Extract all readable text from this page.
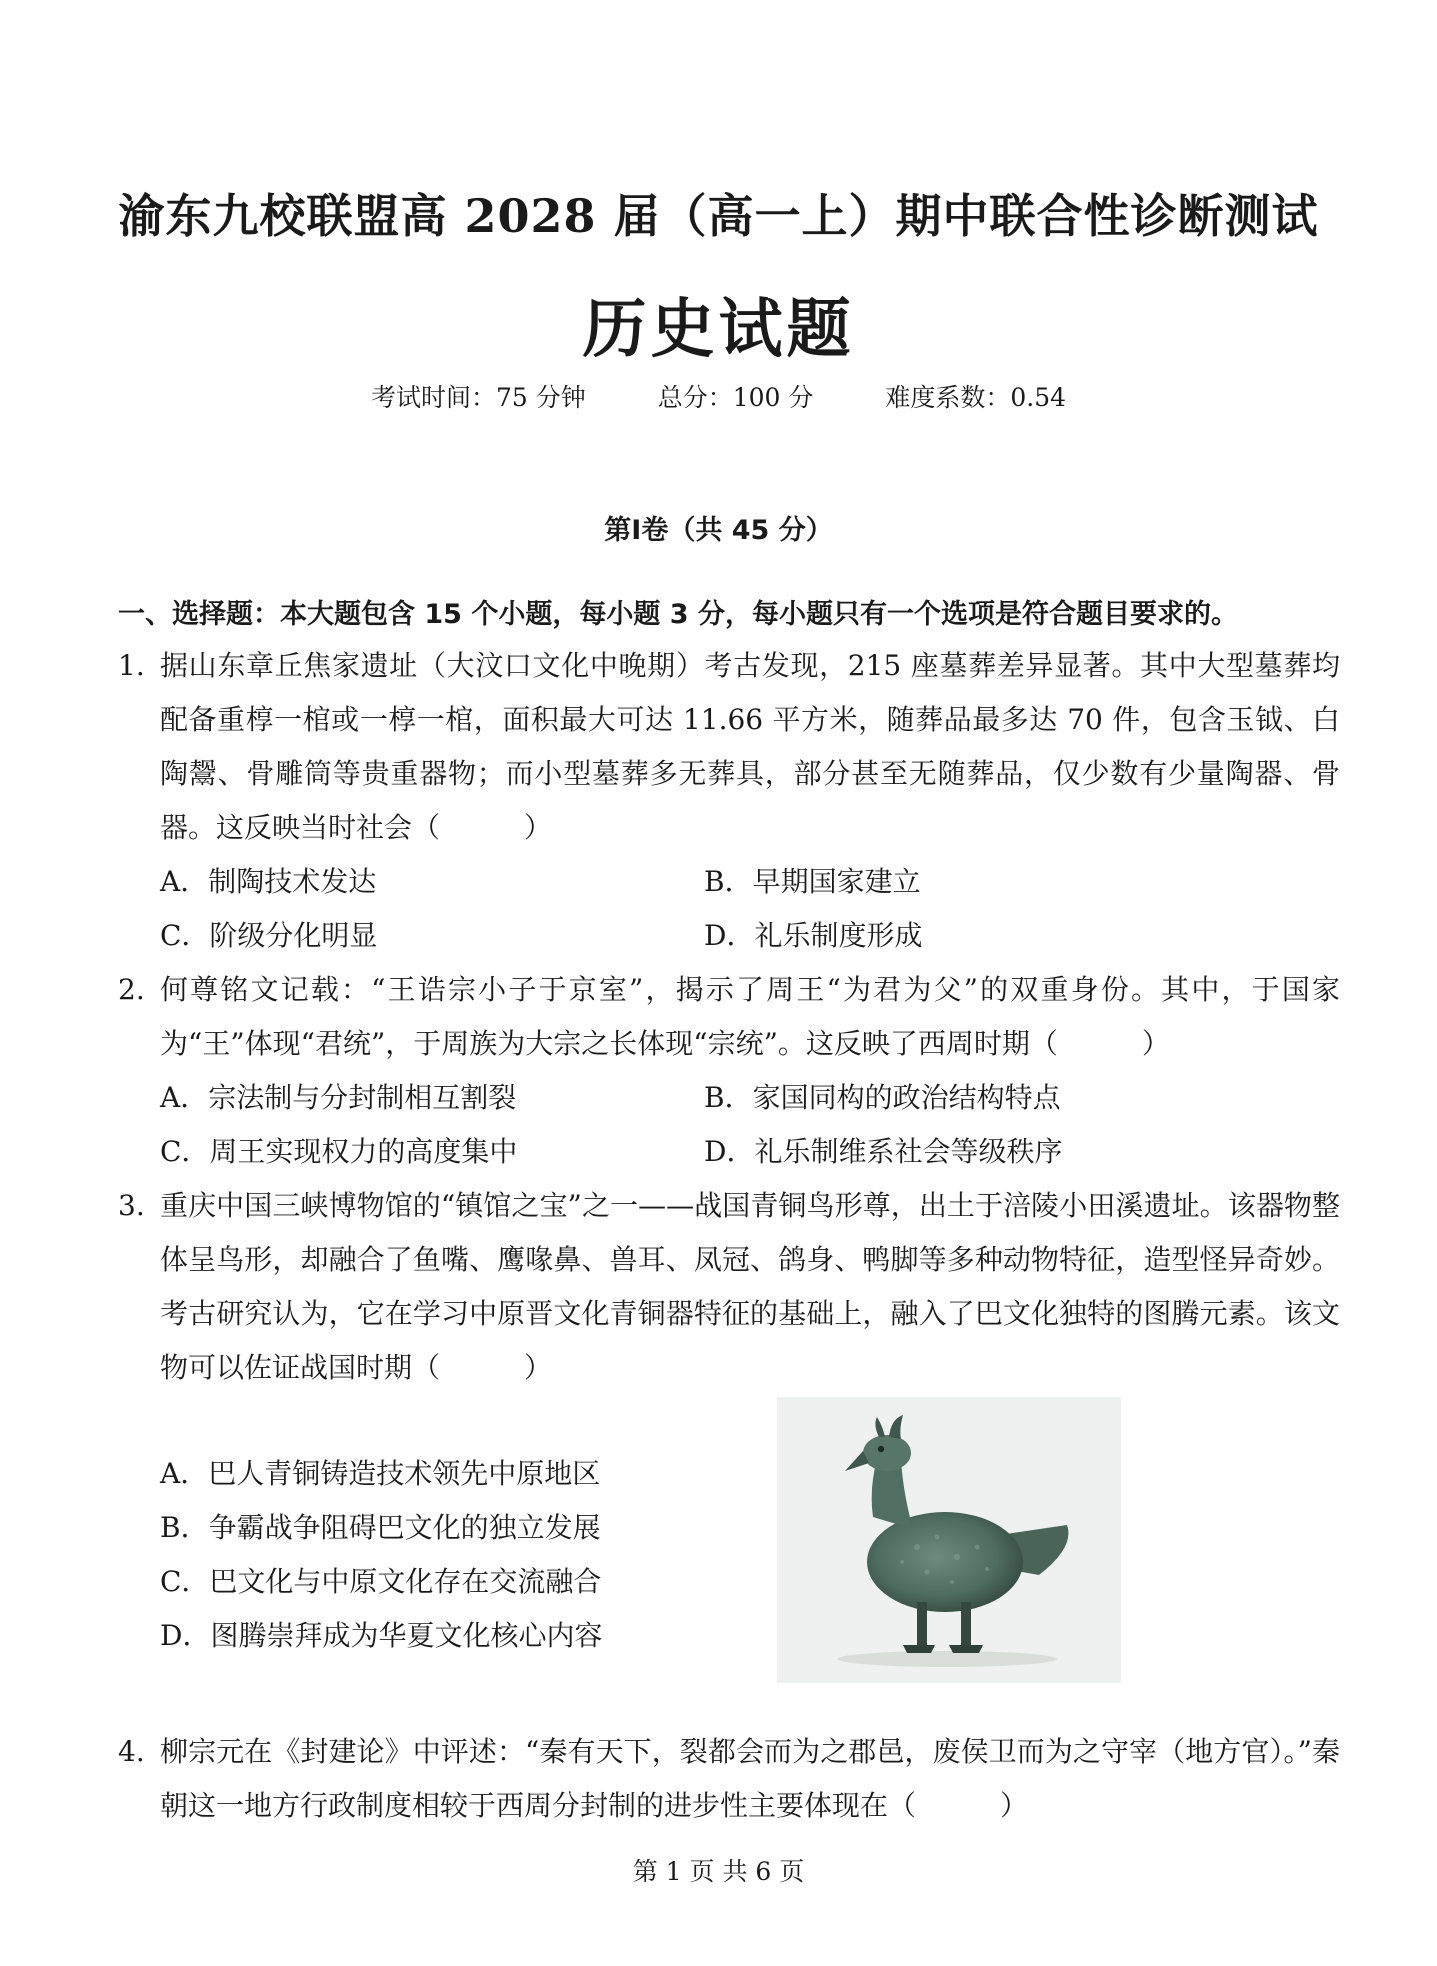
渝东九校联盟高 2028 届（高一上）期中联合性诊断测试
历史试题
考试时间：75 分钟	总分：100 分	难度系数：0.54
第Ⅰ卷（共 45 分）
一、选择题：本大题包含 15 个小题，每小题 3 分，每小题只有一个选项是符合题目要求的。
1. 据山东章丘焦家遗址（大汶口文化中晚期）考古发现，215 座墓葬差异显著。其中大型墓葬均配备重椁一棺或一椁一棺，面积最大可达 11.66 平方米，随葬品最多达 70 件，包含玉钺、白陶鬶、骨雕筒等贵重器物；而小型墓葬多无葬具，部分甚至无随葬品，仅少数有少量陶器、骨器。这反映当时社会（　　　）
A．制陶技术发达	B．早期国家建立
C．阶级分化明显	D．礼乐制度形成
2. 何尊铭文记载：“王诰宗小子于京室”，揭示了周王“为君为父”的双重身份。其中，于国家为“王”体现“君统”，于周族为大宗之长体现“宗统”。这反映了西周时期（　　　）
A．宗法制与分封制相互割裂	B．家国同构的政治结构特点
C．周王实现权力的高度集中	D．礼乐制维系社会等级秩序
3. 重庆中国三峡博物馆的“镇馆之宝”之一——战国青铜鸟形尊，出土于涪陵小田溪遗址。该器物整体呈鸟形，却融合了鱼嘴、鹰喙鼻、兽耳、凤冠、鸽身、鸭脚等多种动物特征，造型怪异奇妙。考古研究认为，它在学习中原晋文化青铜器特征的基础上，融入了巴文化独特的图腾元素。该文物可以佐证战国时期（　　　）
A．巴人青铜铸造技术领先中原地区
B．争霸战争阻碍巴文化的独立发展
C．巴文化与中原文化存在交流融合
D．图腾崇拜成为华夏文化核心内容
4. 柳宗元在《封建论》中评述：“秦有天下，裂都会而为之郡邑，废侯卫而为之守宰（地方官）。”秦朝这一地方行政制度相较于西周分封制的进步性主要体现在（　　　）
第 1 页 共 6 页
